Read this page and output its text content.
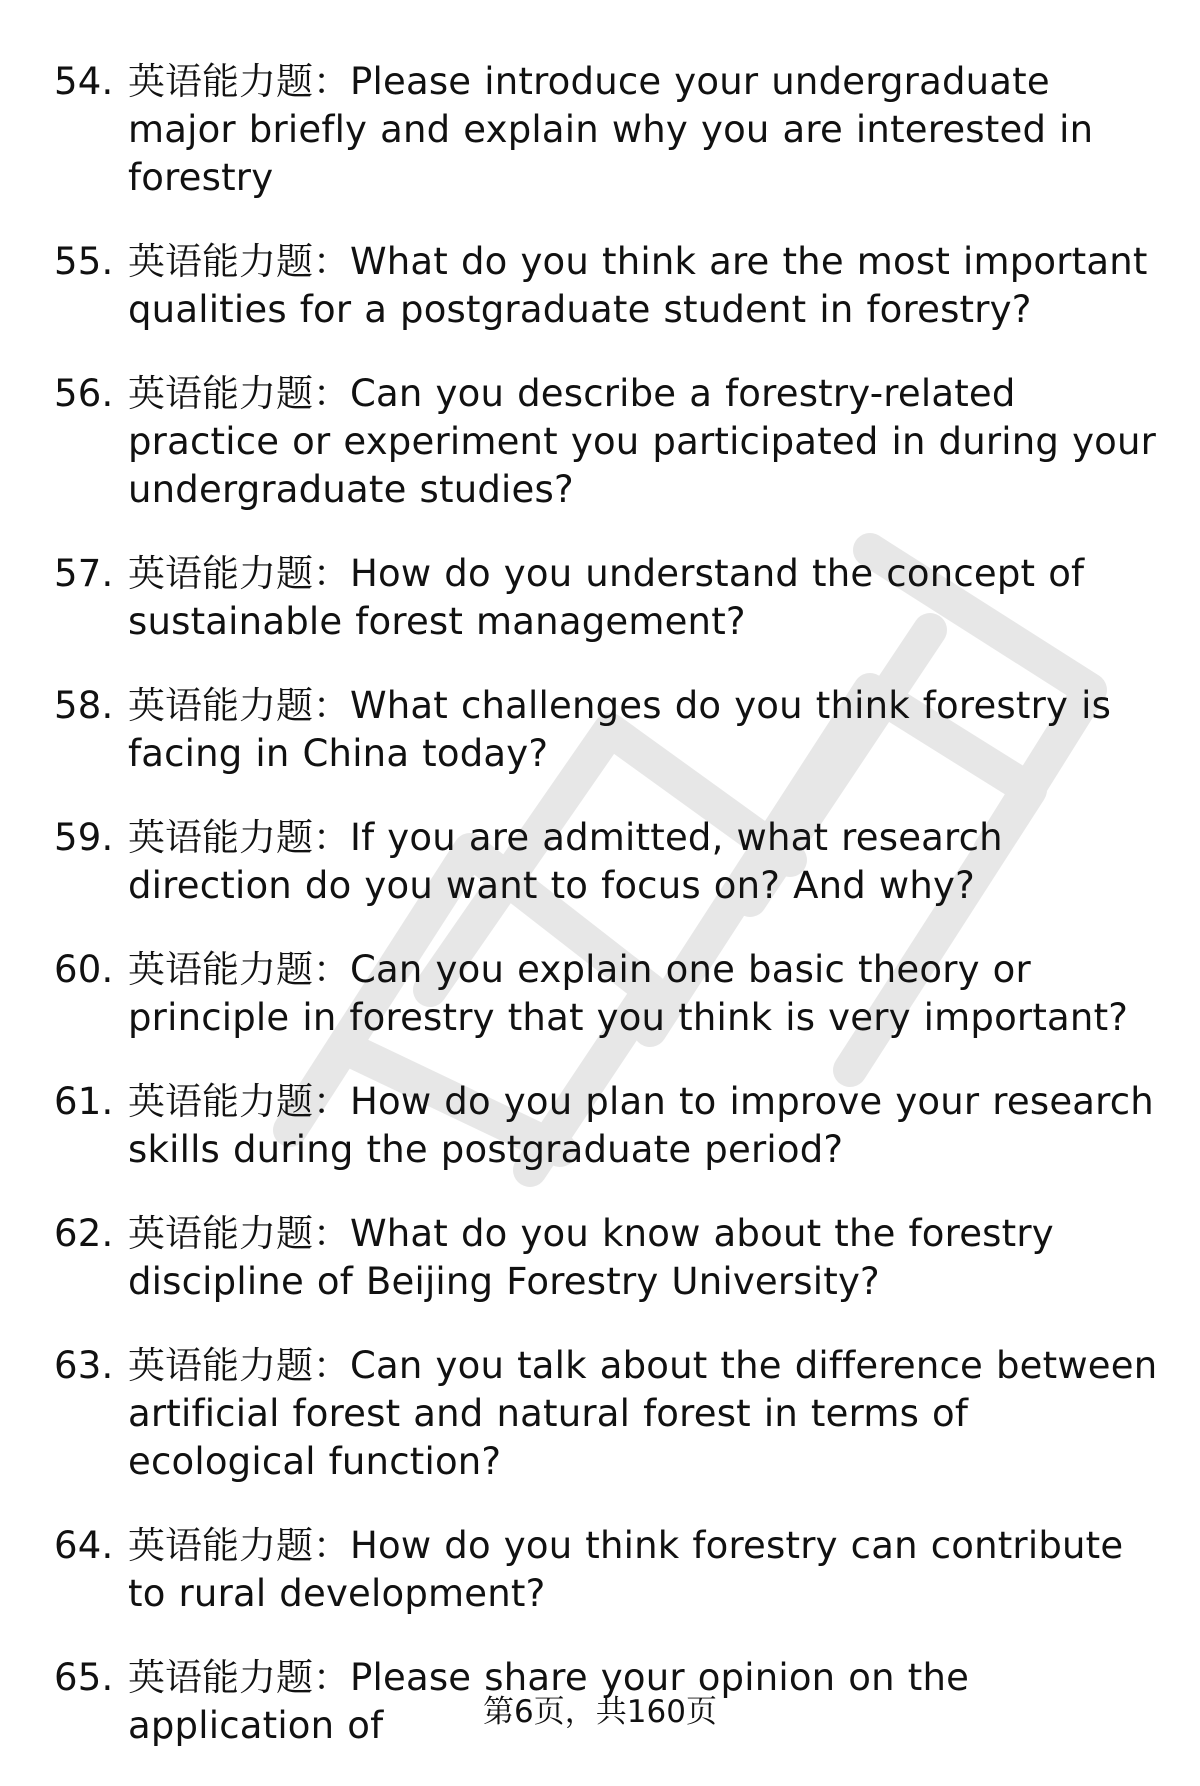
54. 英语能力题：Please introduce your undergraduate major briefly and explain why you are interested in forestry
55. 英语能力题：What do you think are the most important qualities for a postgraduate student in forestry?
56. 英语能力题：Can you describe a forestry-related practice or experiment you participated in during your undergraduate studies?
57. 英语能力题：How do you understand the concept of sustainable forest management?
58. 英语能力题：What challenges do you think forestry is facing in China today?
59. 英语能力题：If you are admitted, what research direction do you want to focus on? And why?
60. 英语能力题：Can you explain one basic theory or principle in forestry that you think is very important?
61. 英语能力题：How do you plan to improve your research skills during the postgraduate period?
62. 英语能力题：What do you know about the forestry discipline of Beijing Forestry University?
63. 英语能力题：Can you talk about the difference between artificial forest and natural forest in terms of ecological function?
64. 英语能力题：How do you think forestry can contribute to rural development?
65. 英语能力题：Please share your opinion on the application of	第6页，共160页
